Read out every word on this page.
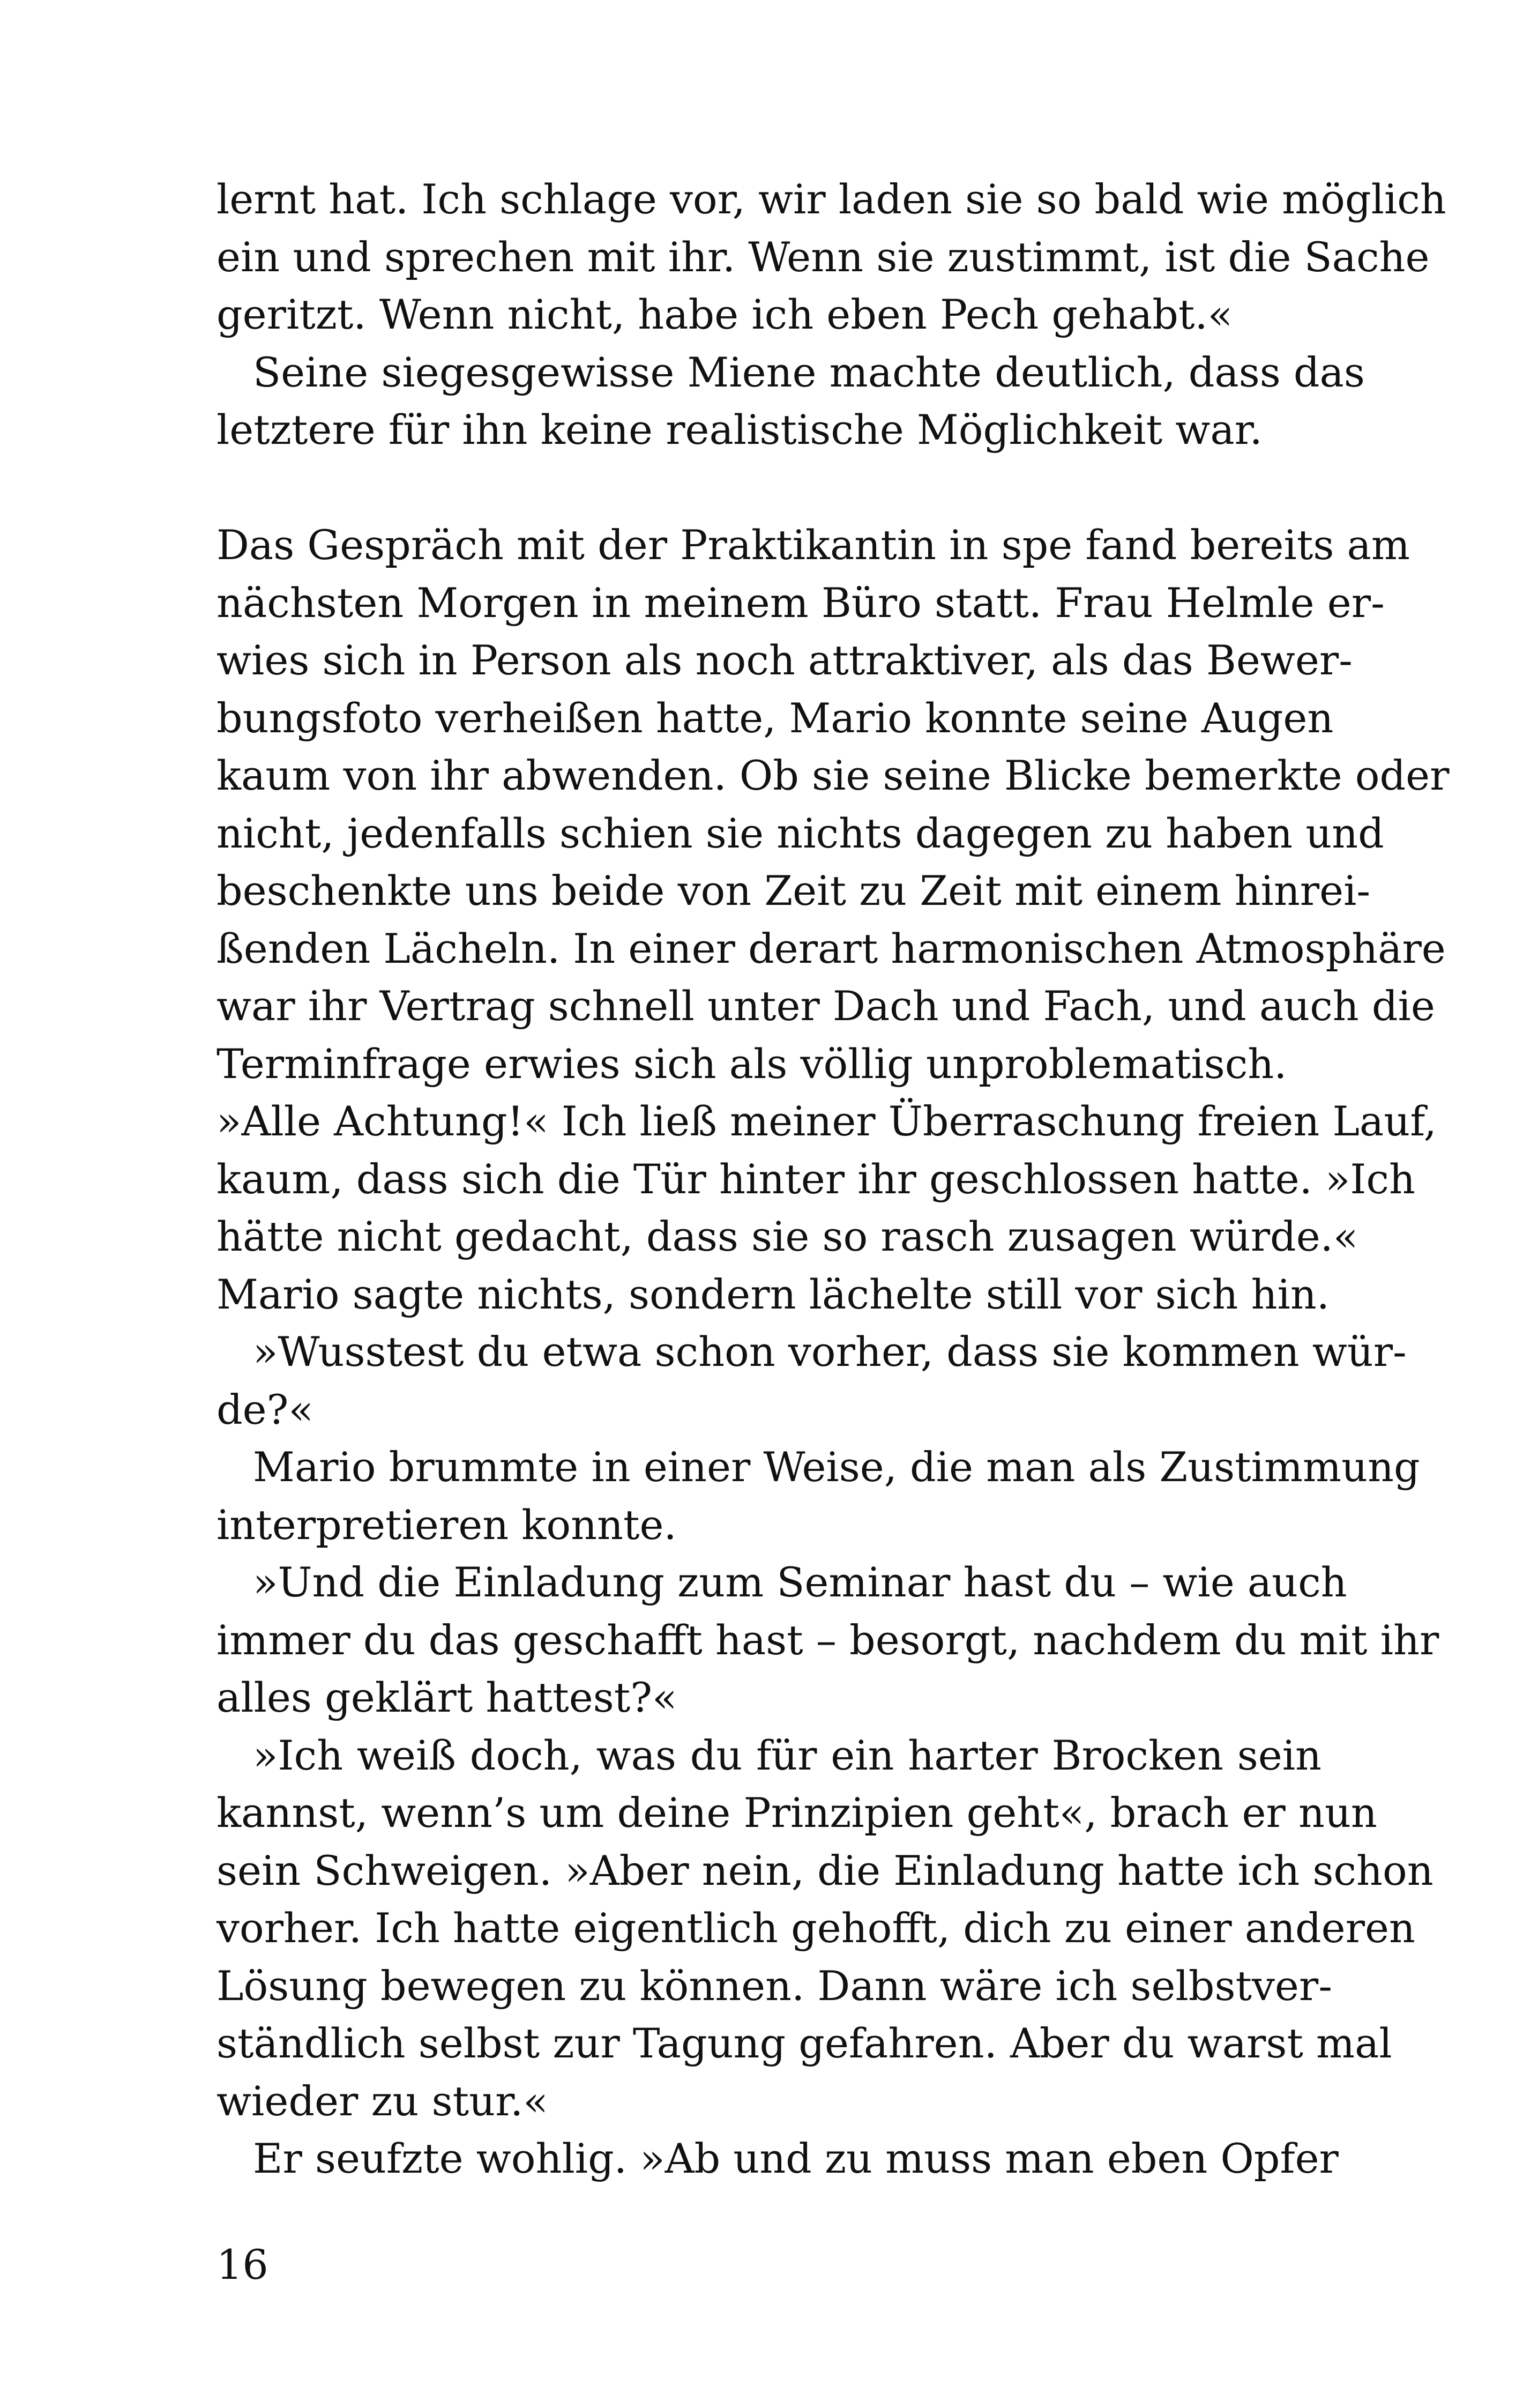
lernt hat. Ich schlage vor, wir laden sie so bald wie möglich
ein und sprechen mit ihr. Wenn sie zustimmt, ist die Sache
geritzt. Wenn nicht, habe ich eben Pech gehabt.«
Seine siegesgewisse Miene machte deutlich, dass das
letztere für ihn keine realistische Möglichkeit war.
Das Gespräch mit der Praktikantin in spe fand bereits am
nächsten Morgen in meinem Büro statt. Frau Helmle er-
wies sich in Person als noch attraktiver, als das Bewer-
bungsfoto verheißen hatte, Mario konnte seine Augen
kaum von ihr abwenden. Ob sie seine Blicke bemerkte oder
nicht, jedenfalls schien sie nichts dagegen zu haben und
beschenkte uns beide von Zeit zu Zeit mit einem hinrei-
ßenden Lächeln. In einer derart harmonischen Atmosphäre
war ihr Vertrag schnell unter Dach und Fach, und auch die
Terminfrage erwies sich als völlig unproblematisch.
»Alle Achtung!« Ich ließ meiner Überraschung freien Lauf,
kaum, dass sich die Tür hinter ihr geschlossen hatte. »Ich
hätte nicht gedacht, dass sie so rasch zusagen würde.«
Mario sagte nichts, sondern lächelte still vor sich hin.
»Wusstest du etwa schon vorher, dass sie kommen wür-
de?«
Mario brummte in einer Weise, die man als Zustimmung
interpretieren konnte.
»Und die Einladung zum Seminar hast du – wie auch
immer du das geschafft hast – besorgt, nachdem du mit ihr
alles geklärt hattest?«
»Ich weiß doch, was du für ein harter Brocken sein
kannst, wenn’s um deine Prinzipien geht«, brach er nun
sein Schweigen. »Aber nein, die Einladung hatte ich schon
vorher. Ich hatte eigentlich gehofft, dich zu einer anderen
Lösung bewegen zu können. Dann wäre ich selbstver-
ständlich selbst zur Tagung gefahren. Aber du warst mal
wieder zu stur.«
Er seufzte wohlig. »Ab und zu muss man eben Opfer
16
